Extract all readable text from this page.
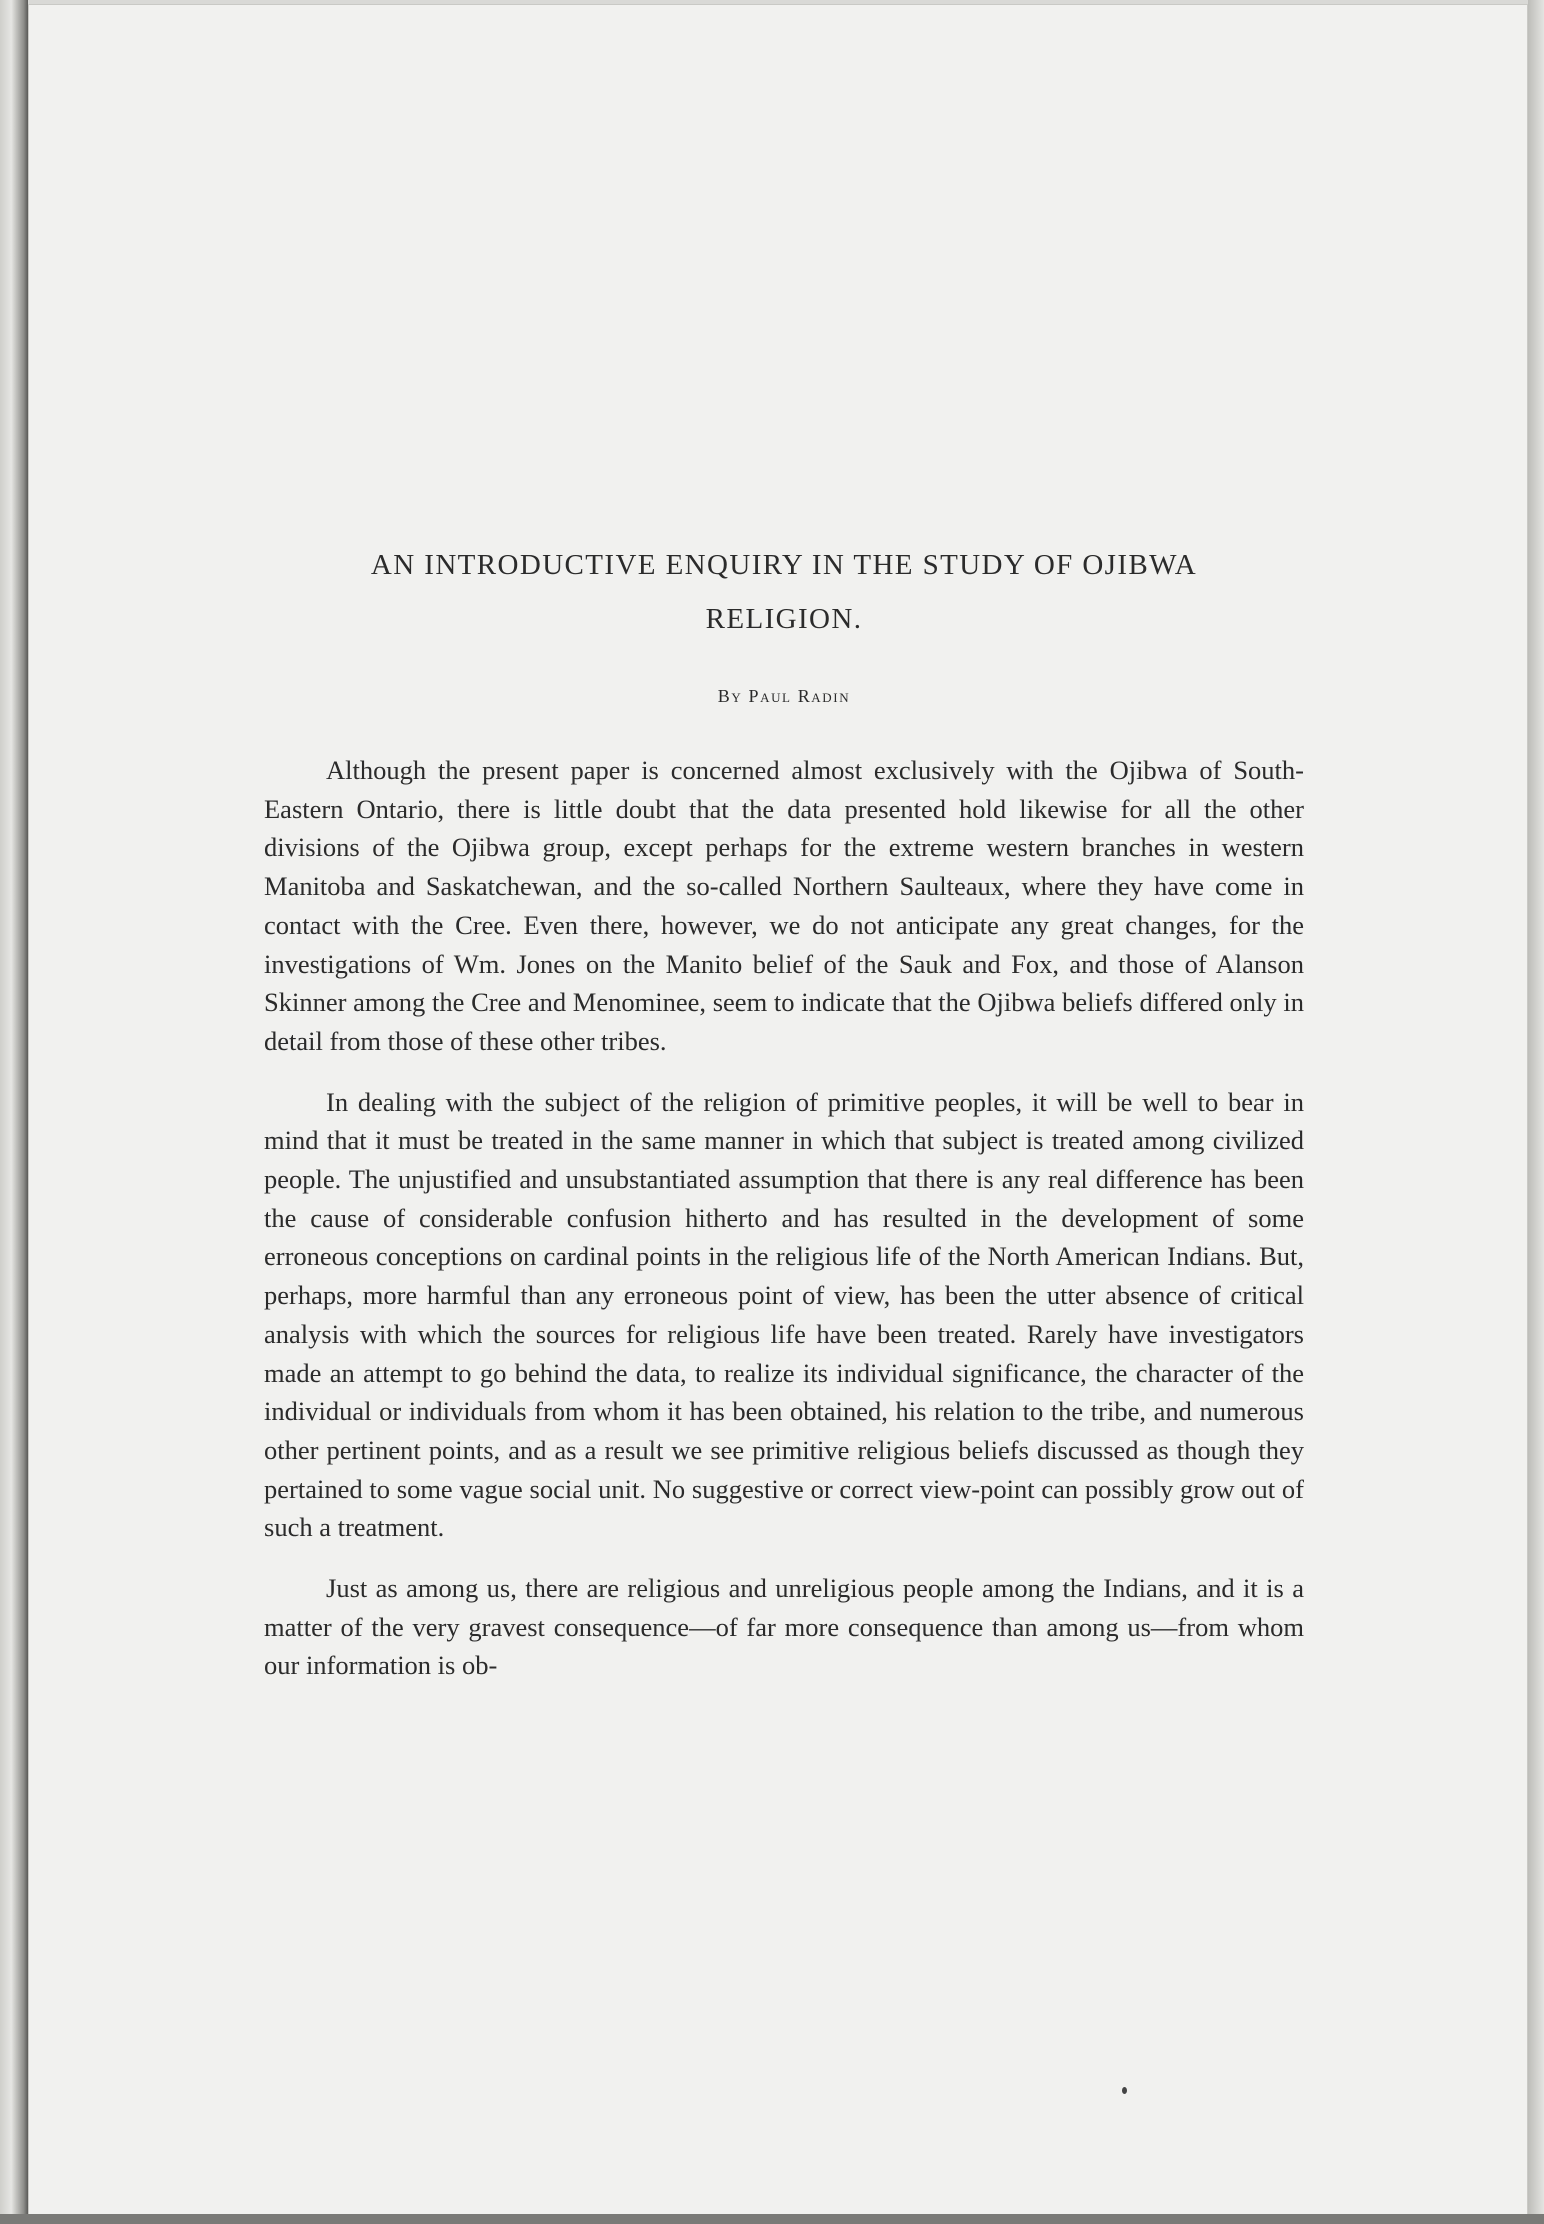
AN INTRODUCTIVE ENQUIRY IN THE STUDY OF OJIBWA
RELIGION.
By Paul Radin

Although the present paper is concerned almost exclusively with the Ojibwa of South-Eastern Ontario, there is little doubt that the data presented hold likewise for all the other divisions of the Ojibwa group, except perhaps for the extreme western branches in western Manitoba and Saskatchewan, and the so-called Northern Saulteaux, where they have come in contact with the Cree. Even there, however, we do not anticipate any great changes, for the investigations of Wm. Jones on the Manito belief of the Sauk and Fox, and those of Alanson Skinner among the Cree and Menominee, seem to indicate that the Ojibwa beliefs differed only in detail from those of these other tribes.

In dealing with the subject of the religion of primitive peoples, it will be well to bear in mind that it must be treated in the same manner in which that subject is treated among civilized people. The unjustified and unsubstantiated assumption that there is any real difference has been the cause of considerable confusion hitherto and has resulted in the development of some erroneous conceptions on cardinal points in the religious life of the North American Indians. But, perhaps, more harmful than any erroneous point of view, has been the utter absence of critical analysis with which the sources for religious life have been treated. Rarely have investigators made an attempt to go behind the data, to realize its individual significance, the character of the individual or individuals from whom it has been obtained, his relation to the tribe, and numerous other pertinent points, and as a result we see primitive religious beliefs discussed as though they pertained to some vague social unit. No suggestive or correct view-point can possibly grow out of such a treatment.

Just as among us, there are religious and unreligious people among the Indians, and it is a matter of the very gravest consequence—of far more consequence than among us—from whom our information is ob-
